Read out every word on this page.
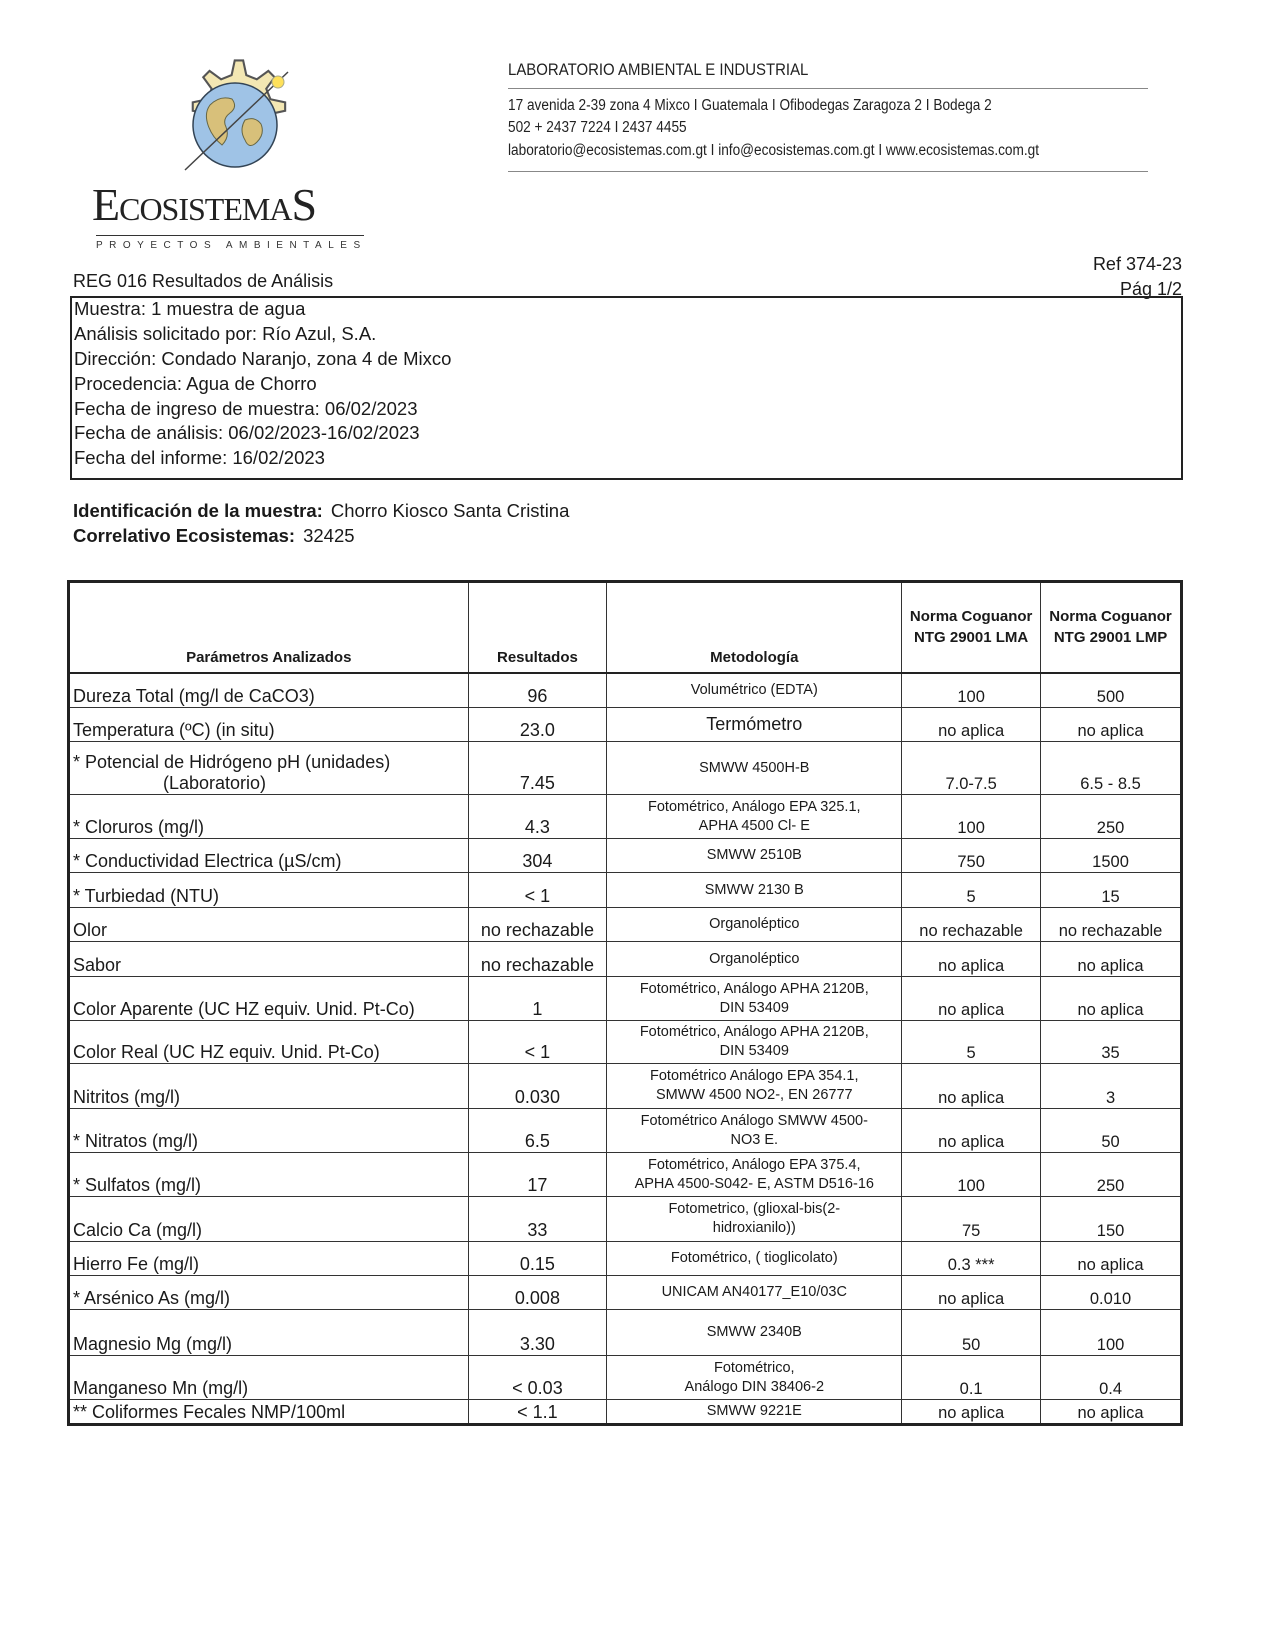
EcosistemaS
PROYECTOS AMBIENTALES
LABORATORIO AMBIENTAL E INDUSTRIAL
17 avenida 2-39 zona 4 Mixco I Guatemala I Ofibodegas Zaragoza 2 I Bodega 2
502 + 2437 7224 I 2437 4455
laboratorio@ecosistemas.com.gt I info@ecosistemas.com.gt I www.ecosistemas.com.gt
Ref 374-23
Pág 1/2
REG 016 Resultados de Análisis
Muestra: 1 muestra de agua
Análisis solicitado por: Río Azul, S.A.
Dirección: Condado Naranjo, zona 4 de Mixco
Procedencia: Agua de Chorro
Fecha de ingreso de muestra: 06/02/2023
Fecha de análisis: 06/02/2023-16/02/2023
Fecha del informe: 16/02/2023
Identificación de la muestra: Chorro Kiosco Santa Cristina
Correlativo Ecosistemas: 32425
Parámetros Analizados	Resultados	Metodología	Norma Coguanor NTG 29001 LMA	Norma Coguanor NTG 29001 LMP
Dureza Total (mg/l de CaCO3)	96	Volumétrico (EDTA)	100	500
Temperatura (ºC) (in situ)	23.0	Termómetro	no aplica	no aplica

* Potencial de Hidrógeno pH (unidades)
(Laboratorio)	7.45	SMWW 4500H-B	7.0-7.5	6.5 - 8.5
* Cloruros (mg/l)	4.3	Fotométrico, Análogo EPA 325.1,
APHA 4500 Cl- E	100	250
* Conductividad Electrica (µS/cm)	304	SMWW 2510B	750	1500
* Turbiedad (NTU)	< 1	SMWW 2130 B	5	15
Olor	no rechazable	Organoléptico	no rechazable	no rechazable
Sabor	no rechazable	Organoléptico	no aplica	no aplica
Color Aparente (UC HZ equiv. Unid. Pt-Co)	1	Fotométrico, Análogo APHA 2120B,
DIN 53409	no aplica	no aplica
Color Real (UC HZ equiv. Unid. Pt-Co)	< 1	Fotométrico, Análogo APHA 2120B,
DIN 53409	5	35
Nitritos (mg/l)	0.030	Fotométrico Análogo EPA 354.1,
SMWW 4500 NO2-, EN 26777	no aplica	3
* Nitratos (mg/l)	6.5	Fotométrico Análogo SMWW 4500-
NO3 E.	no aplica	50
* Sulfatos (mg/l)	17	Fotométrico, Análogo EPA 375.4,
APHA 4500-S042- E, ASTM D516-16	100	250
Calcio Ca (mg/l)	33	Fotometrico, (glioxal-bis(2-
hidroxianilo))	75	150
Hierro Fe (mg/l)	0.15	Fotométrico, ( tioglicolato)	0.3 ***	no aplica
* Arsénico As (mg/l)	0.008	UNICAM AN40177_E10/03C	no aplica	0.010
Magnesio Mg (mg/l)	3.30	SMWW 2340B	50	100
Manganeso Mn (mg/l)	< 0.03	Fotométrico,
Análogo DIN 38406-2	0.1	0.4
** Coliformes Fecales NMP/100ml	< 1.1	SMWW 9221E	no aplica	no aplica
